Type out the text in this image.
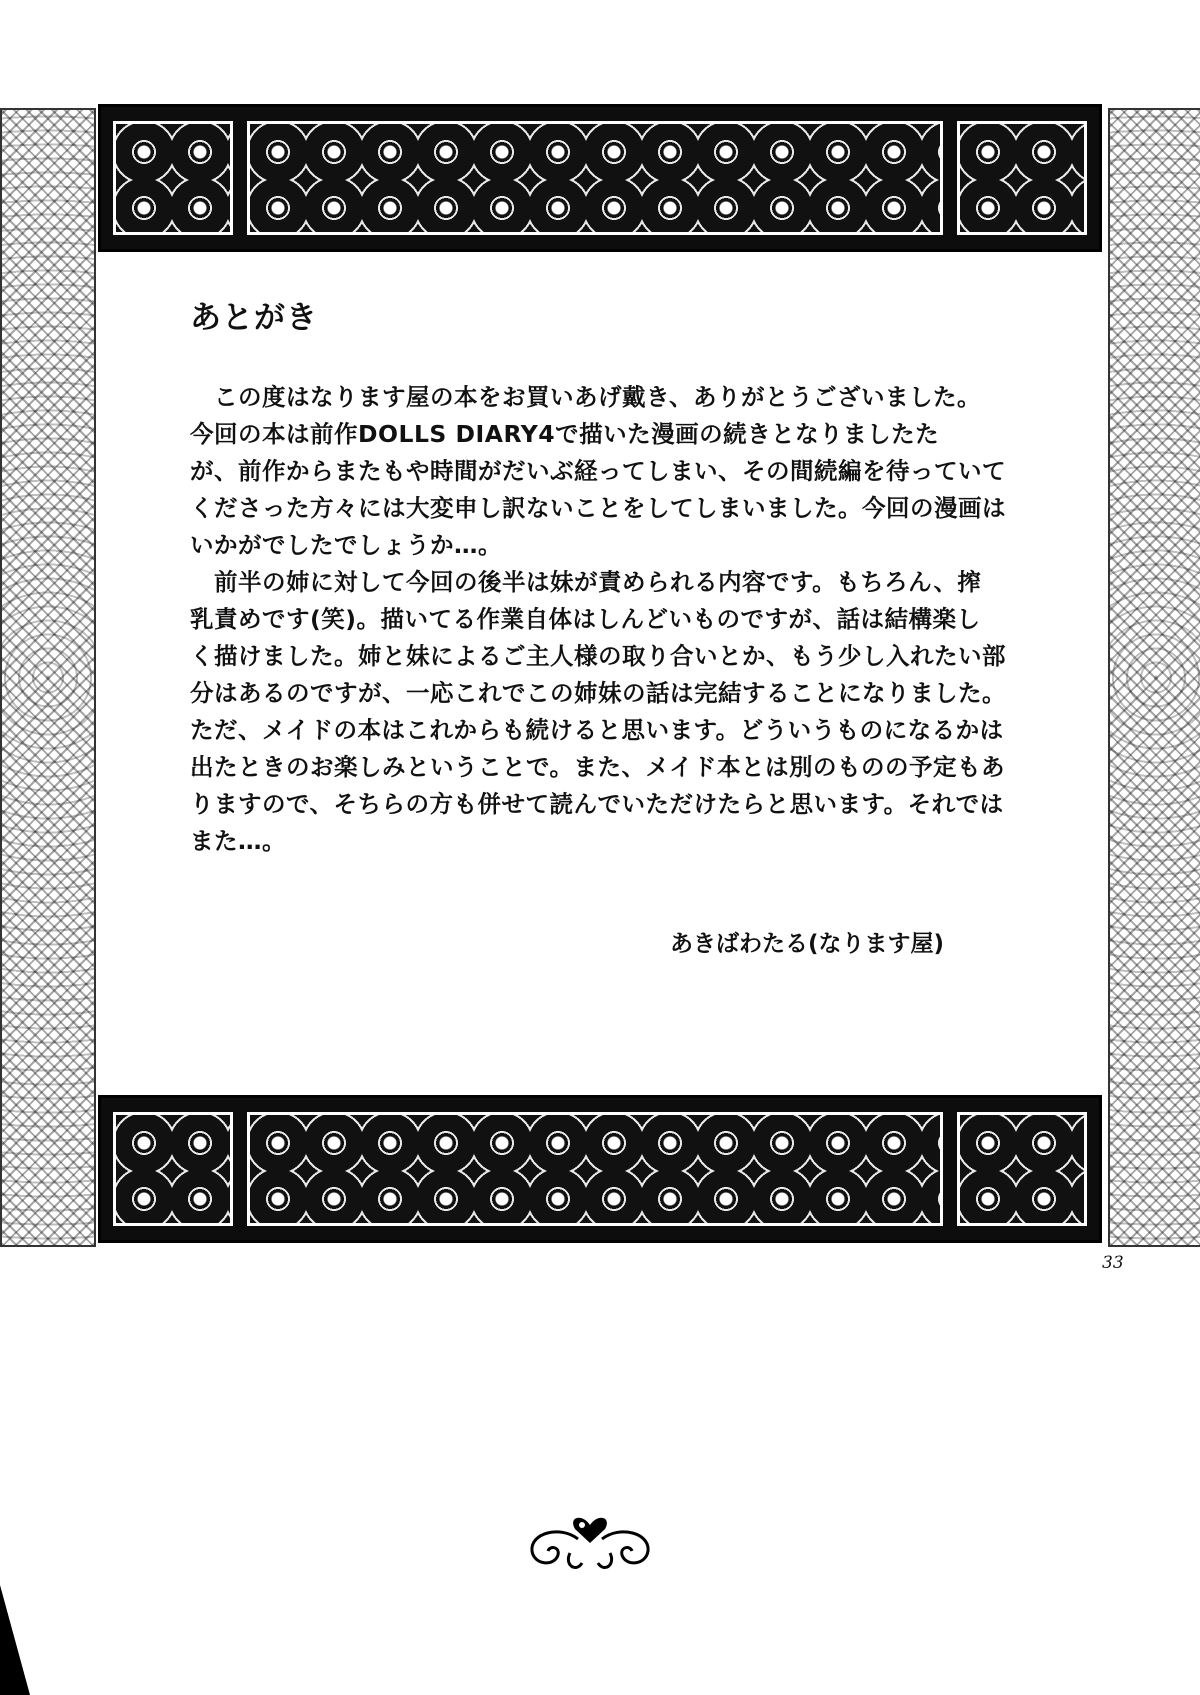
あとがき

　この度はなります屋の本をお買いあげ戴き、ありがとうございました。
今回の本は前作DOLLS DIARY4で描いた漫画の続きとなりましたた
が、前作からまたもや時間がだいぶ経ってしまい、その間続編を待っていて
くださった方々には大変申し訳ないことをしてしまいました。今回の漫画は
いかがでしたでしょうか…。
　前半の姉に対して今回の後半は妹が責められる内容です。もちろん、搾
乳責めです(笑)。描いてる作業自体はしんどいものですが、話は結構楽し
く描けました。姉と妹によるご主人様の取り合いとか、もう少し入れたい部
分はあるのですが、一応これでこの姉妹の話は完結することになりました。
ただ、メイドの本はこれからも続けると思います。どういうものになるかは
出たときのお楽しみということで。また、メイド本とは別のものの予定もあ
りますので、そちらの方も併せて読んでいただけたらと思います。それでは
また…。

あきばわたる(なります屋)
33
